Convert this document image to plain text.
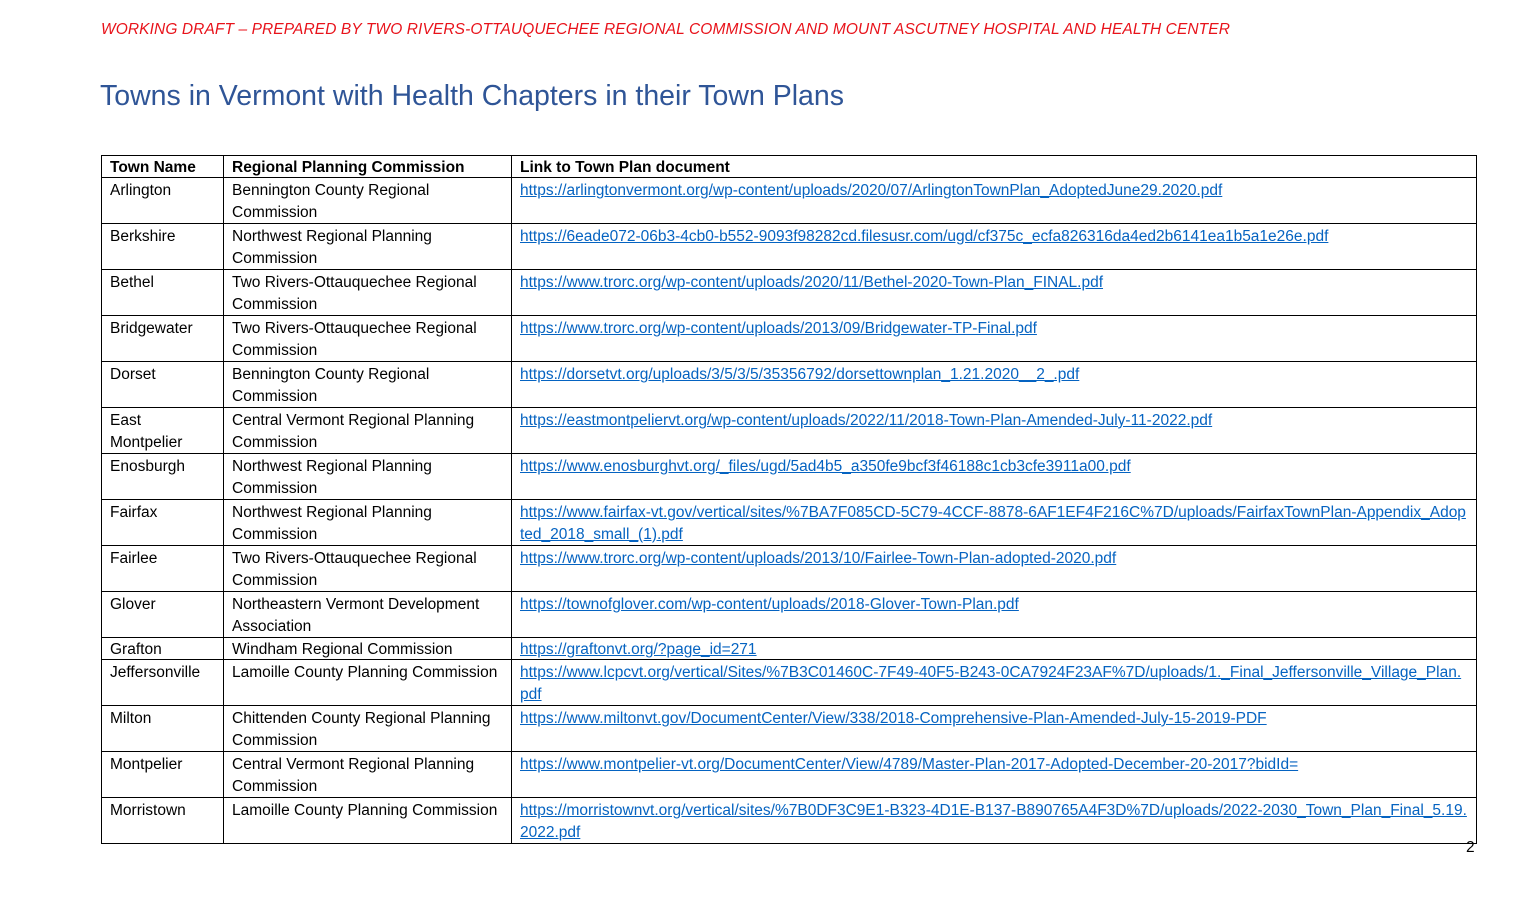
WORKING DRAFT – PREPARED BY TWO RIVERS-OTTAUQUECHEE REGIONAL COMMISSION AND MOUNT ASCUTNEY HOSPITAL AND HEALTH CENTER
Towns in Vermont with Health Chapters in their Town Plans
Town Name	Regional Planning Commission	Link to Town Plan document
Arlington	Bennington County Regional Commission	https://arlingtonvermont.org/wp-content/uploads/2020/07/ArlingtonTownPlan_AdoptedJune29.2020.pdf
Berkshire	Northwest Regional Planning Commission	https://6eade072-06b3-4cb0-b552-9093f98282cd.filesusr.com/ugd/cf375c_ecfa826316da4ed2b6141ea1b5a1e26e.pdf
Bethel	Two Rivers-Ottauquechee Regional Commission	https://www.trorc.org/wp-content/uploads/2020/11/Bethel-2020-Town-Plan_FINAL.pdf
Bridgewater	Two Rivers-Ottauquechee Regional Commission	https://www.trorc.org/wp-content/uploads/2013/09/Bridgewater-TP-Final.pdf
Dorset	Bennington County Regional Commission	https://dorsetvt.org/uploads/3/5/3/5/35356792/dorsettownplan_1.21.2020__2_.pdf
East Montpelier	Central Vermont Regional Planning Commission	https://eastmontpeliervt.org/wp-content/uploads/2022/11/2018-Town-Plan-Amended-July-11-2022.pdf
Enosburgh	Northwest Regional Planning Commission	https://www.enosburghvt.org/_files/ugd/5ad4b5_a350fe9bcf3f46188c1cb3cfe3911a00.pdf
Fairfax	Northwest Regional Planning Commission	https://www.fairfax-vt.gov/vertical/sites/%7BA7F085CD-5C79-4CCF-8878-6AF1EF4F216C%7D/uploads/FairfaxTownPlan-Appendix_Adopted_2018_small_(1).pdf
Fairlee	Two Rivers-Ottauquechee Regional Commission	https://www.trorc.org/wp-content/uploads/2013/10/Fairlee-Town-Plan-adopted-2020.pdf
Glover	Northeastern Vermont Development Association	https://townofglover.com/wp-content/uploads/2018-Glover-Town-Plan.pdf
Grafton	Windham Regional Commission	https://graftonvt.org/?page_id=271
Jeffersonville	Lamoille County Planning Commission	https://www.lcpcvt.org/vertical/Sites/%7B3C01460C-7F49-40F5-B243-0CA7924F23AF%7D/uploads/1._Final_Jeffersonville_Village_Plan.pdf
Milton	Chittenden County Regional Planning Commission	https://www.miltonvt.gov/DocumentCenter/View/338/2018-Comprehensive-Plan-Amended-July-15-2019-PDF
Montpelier	Central Vermont Regional Planning Commission	https://www.montpelier-vt.org/DocumentCenter/View/4789/Master-Plan-2017-Adopted-December-20-2017?bidId=
Morristown	Lamoille County Planning Commission	https://morristownvt.org/vertical/sites/%7B0DF3C9E1-B323-4D1E-B137-B890765A4F3D%7D/uploads/2022-2030_Town_Plan_Final_5.19.2022.pdf
2
